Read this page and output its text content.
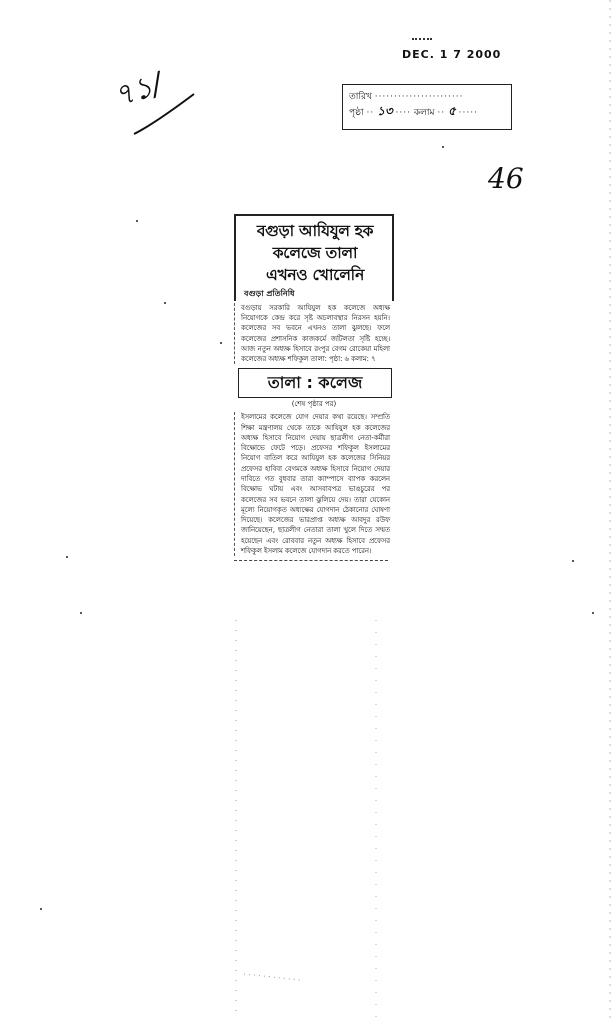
DEC. 1 7 2000
তারিখ ·······················
পৃষ্ঠা ·· ১৩ ···· কলাম ·· ৫ ·····
৭১/
46

বগুড়া আযিযুল হক

কলেজে তালা

এখনও খোলেনি

বগুড়া প্রতিনিধি

বগুড়ায় সরকারি আযিযুল হক কলেজে অধ্যক্ষ নিয়োগকে কেন্দ্র করে সৃষ্ট অচলাবস্থার নিরসন হয়নি। কলেজের সব ভবনে এখনও তালা ঝুলছে। ফলে কলেজের প্রশাসনিক কাজকর্মে জটিলতা সৃষ্টি হচ্ছে। আজ নতুন অধ্যক্ষ হিসাবে রংপুর বেগম রোকেয়া মহিলা কলেজের অধ্যক্ষ শফিকুল তালা: পৃষ্ঠা: ৬ কলাম: ৭

তালা : কলেজ

(শেষ পৃষ্ঠার পর)

ইসলামের কলেজে যোগ দেয়ার কথা রয়েছে। সম্প্রতি শিক্ষা মন্ত্রণালয় থেকে তাকে আযিযুল হক কলেজের অধ্যক্ষ হিসাবে নিয়োগ দেয়ায় ছাত্রলীগ নেতা-কর্মীরা বিক্ষোভে ফেটে পড়ে। প্রফেসর শফিকুল ইসলামের নিয়োগ বাতিল করে আযিযুল হক কলেজের সিনিয়র প্রফেসর হাবিবা বেগমকে অধ্যক্ষ হিসাবে নিয়োগ দেয়ার দাবিতে গত বুধবার তারা ক্যাম্পাসে ব্যাপক করলেন বিক্ষোভ ঘটায় এবং আসবাবপত্র ভাঙচুরের পর কলেজের সব ভবনে তালা ঝুলিয়ে দেয়। তারা যেকোন মূল্যে নিয়োগকৃত অধ্যক্ষের যোগদান ঠেকানোর ঘোষণা দিয়েছে। কলেজের ভারপ্রাপ্ত অধ্যক্ষ আবদুর রউফ জানিয়েছেন, ছাত্রলীগ নেতারা তালা খুলে দিতে সম্মত হয়েছেন এবং রোববার নতুন অধ্যক্ষ হিসাবে প্রফেসর শফিকুল ইসলাম কলেজে যোগদান করতে পারেন।
